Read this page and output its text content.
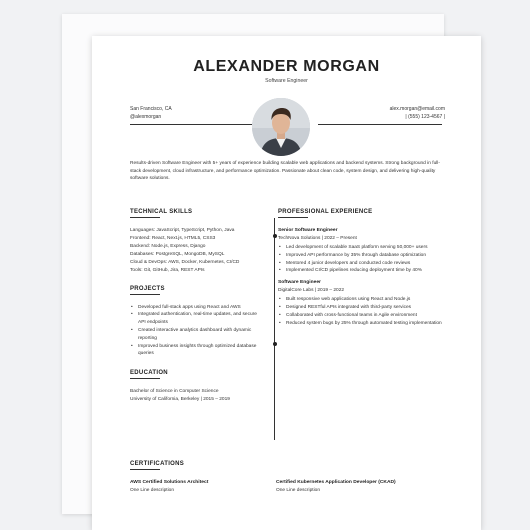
ALEXANDER MORGAN
Software Engineer
San Francisco, CA
@alexmorgan
alex.morgan@email.com
| (555) 123-4567 |
Results-driven Software Engineer with 5+ years of experience building scalable web applications and backend systems. Strong background in full-stack development, cloud infrastructure, and performance optimization. Passionate about clean code, system design, and delivering high-quality software solutions.
TECHNICAL SKILLS
Languages: JavaScript, TypeScript, Python, Java
Frontend: React, Next.js, HTML5, CSS3
Backend: Node.js, Express, Django
Databases: PostgreSQL, MongoDB, MySQL
Cloud & DevOps: AWS, Docker, Kubernetes, CI/CD
Tools: Git, GitHub, Jira, REST APIs
PROJECTS
• Developed full-stack apps using React and AWS
• Integrated authentication, real-time updates, and secure API endpoints
• Created interactive analytics dashboard with dynamic reporting
• Improved business insights through optimized database queries
EDUCATION
Bachelor of Science in Computer Science
University of California, Berkeley | 2015 – 2019
PROFESSIONAL EXPERIENCE
Senior Software Engineer
TechNova Solutions | 2022 – Present
• Led development of scalable SaaS platform serving 50,000+ users
• Improved API performance by 35% through database optimization
• Mentored 4 junior developers and conducted code reviews
• Implemented CI/CD pipelines reducing deployment time by 40%
Software Engineer
DigitalCore Labs | 2019 – 2022
• Built responsive web applications using React and Node.js
• Designed RESTful APIs integrated with third-party services
• Collaborated with cross-functional teams in Agile environment
• Reduced system bugs by 25% through automated testing implementation
CERTIFICATIONS
AWS Certified Solutions Architect
One Line description
Certified Kubernetes Application Developer (CKAD)
One Line description
